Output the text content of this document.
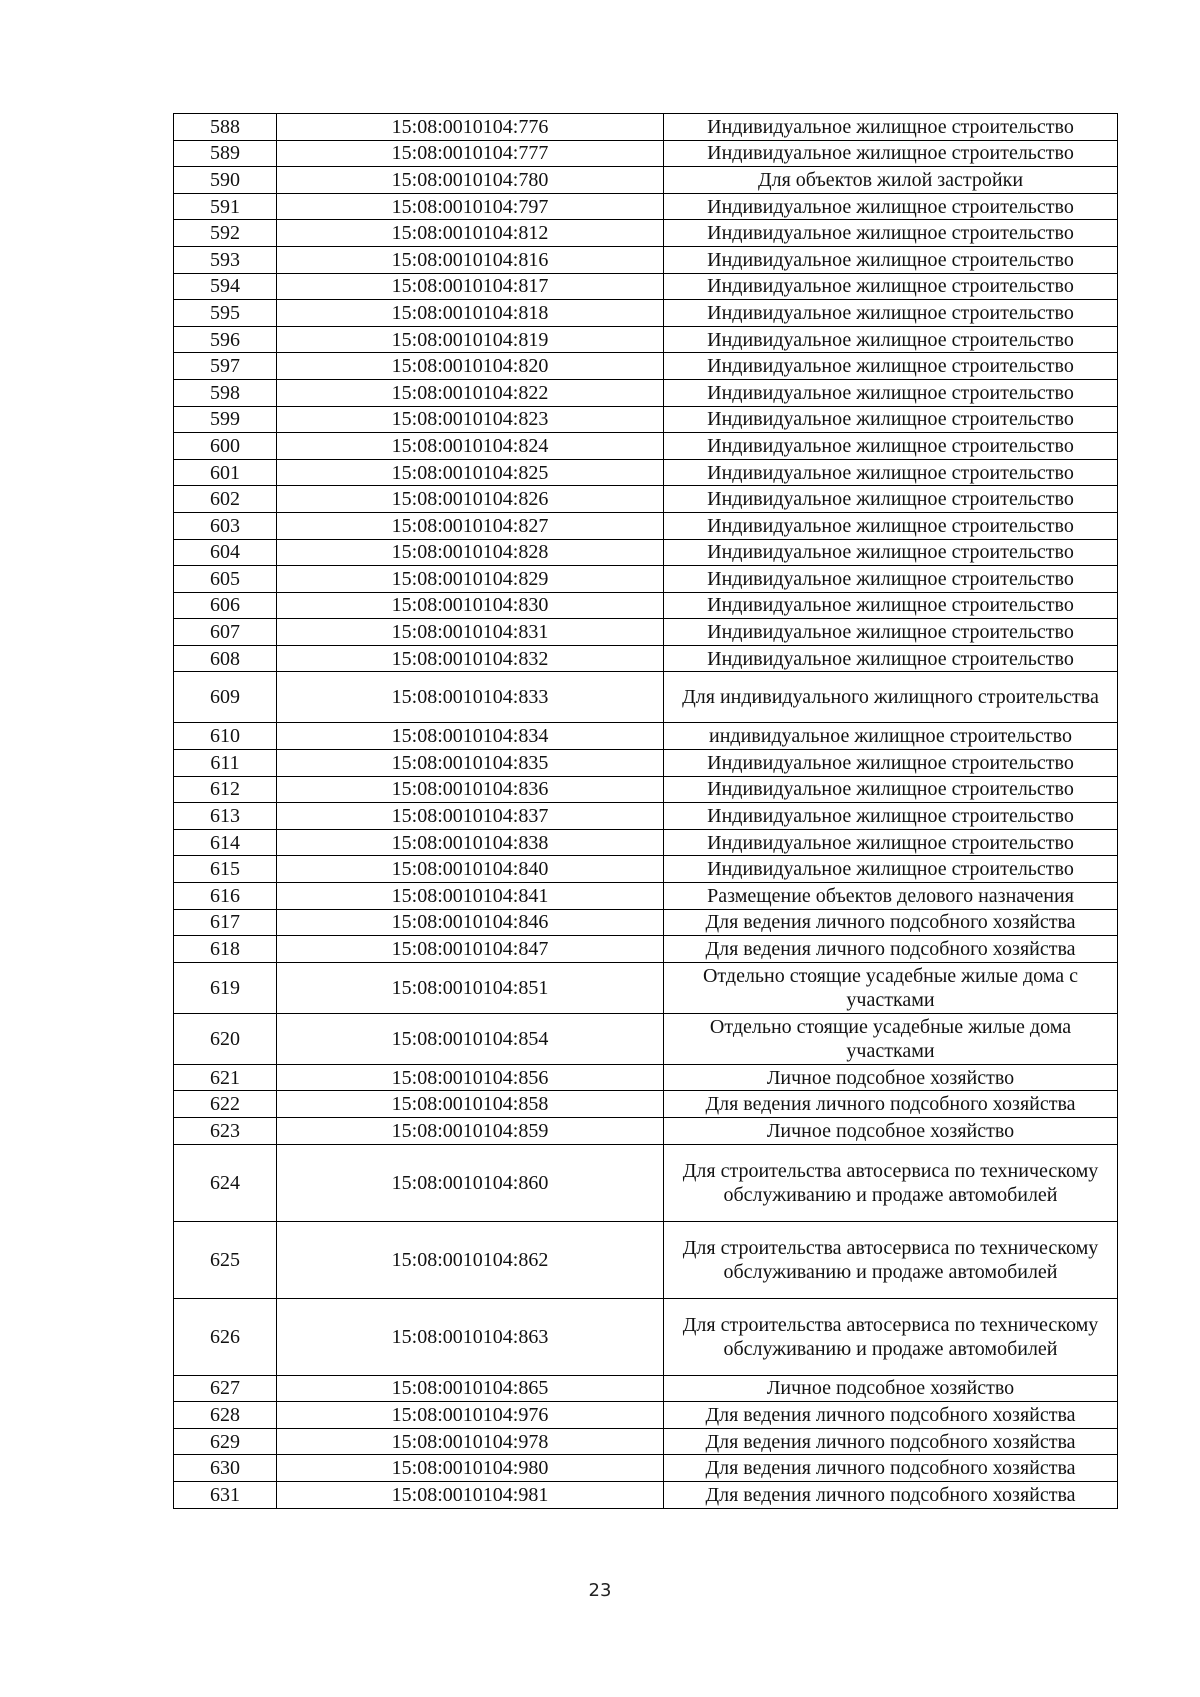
588	15:08:0010104:776	Индивидуальное жилищное строительство
589	15:08:0010104:777	Индивидуальное жилищное строительство
590	15:08:0010104:780	Для объектов жилой застройки
591	15:08:0010104:797	Индивидуальное жилищное строительство
592	15:08:0010104:812	Индивидуальное жилищное строительство
593	15:08:0010104:816	Индивидуальное жилищное строительство
594	15:08:0010104:817	Индивидуальное жилищное строительство
595	15:08:0010104:818	Индивидуальное жилищное строительство
596	15:08:0010104:819	Индивидуальное жилищное строительство
597	15:08:0010104:820	Индивидуальное жилищное строительство
598	15:08:0010104:822	Индивидуальное жилищное строительство
599	15:08:0010104:823	Индивидуальное жилищное строительство
600	15:08:0010104:824	Индивидуальное жилищное строительство
601	15:08:0010104:825	Индивидуальное жилищное строительство
602	15:08:0010104:826	Индивидуальное жилищное строительство
603	15:08:0010104:827	Индивидуальное жилищное строительство
604	15:08:0010104:828	Индивидуальное жилищное строительство
605	15:08:0010104:829	Индивидуальное жилищное строительство
606	15:08:0010104:830	Индивидуальное жилищное строительство
607	15:08:0010104:831	Индивидуальное жилищное строительство
608	15:08:0010104:832	Индивидуальное жилищное строительство
609	15:08:0010104:833	Для индивидуального жилищного строительства
610	15:08:0010104:834	индивидуальное жилищное строительство
611	15:08:0010104:835	Индивидуальное жилищное строительство
612	15:08:0010104:836	Индивидуальное жилищное строительство
613	15:08:0010104:837	Индивидуальное жилищное строительство
614	15:08:0010104:838	Индивидуальное жилищное строительство
615	15:08:0010104:840	Индивидуальное жилищное строительство
616	15:08:0010104:841	Размещение объектов делового назначения
617	15:08:0010104:846	Для ведения личного подсобного хозяйства
618	15:08:0010104:847	Для ведения личного подсобного хозяйства
619	15:08:0010104:851	Отдельно стоящие усадебные жилые дома с участками
620	15:08:0010104:854	Отдельно стоящие усадебные жилые дома участками
621	15:08:0010104:856	Личное подсобное хозяйство
622	15:08:0010104:858	Для ведения личного подсобного хозяйства
623	15:08:0010104:859	Личное подсобное хозяйство
624	15:08:0010104:860	Для строительства автосервиса по техническому обслуживанию и продаже автомобилей
625	15:08:0010104:862	Для строительства автосервиса по техническому обслуживанию и продаже автомобилей
626	15:08:0010104:863	Для строительства автосервиса по техническому обслуживанию и продаже автомобилей
627	15:08:0010104:865	Личное подсобное хозяйство
628	15:08:0010104:976	Для ведения личного подсобного хозяйства
629	15:08:0010104:978	Для ведения личного подсобного хозяйства
630	15:08:0010104:980	Для ведения личного подсобного хозяйства
631	15:08:0010104:981	Для ведения личного подсобного хозяйства
23
